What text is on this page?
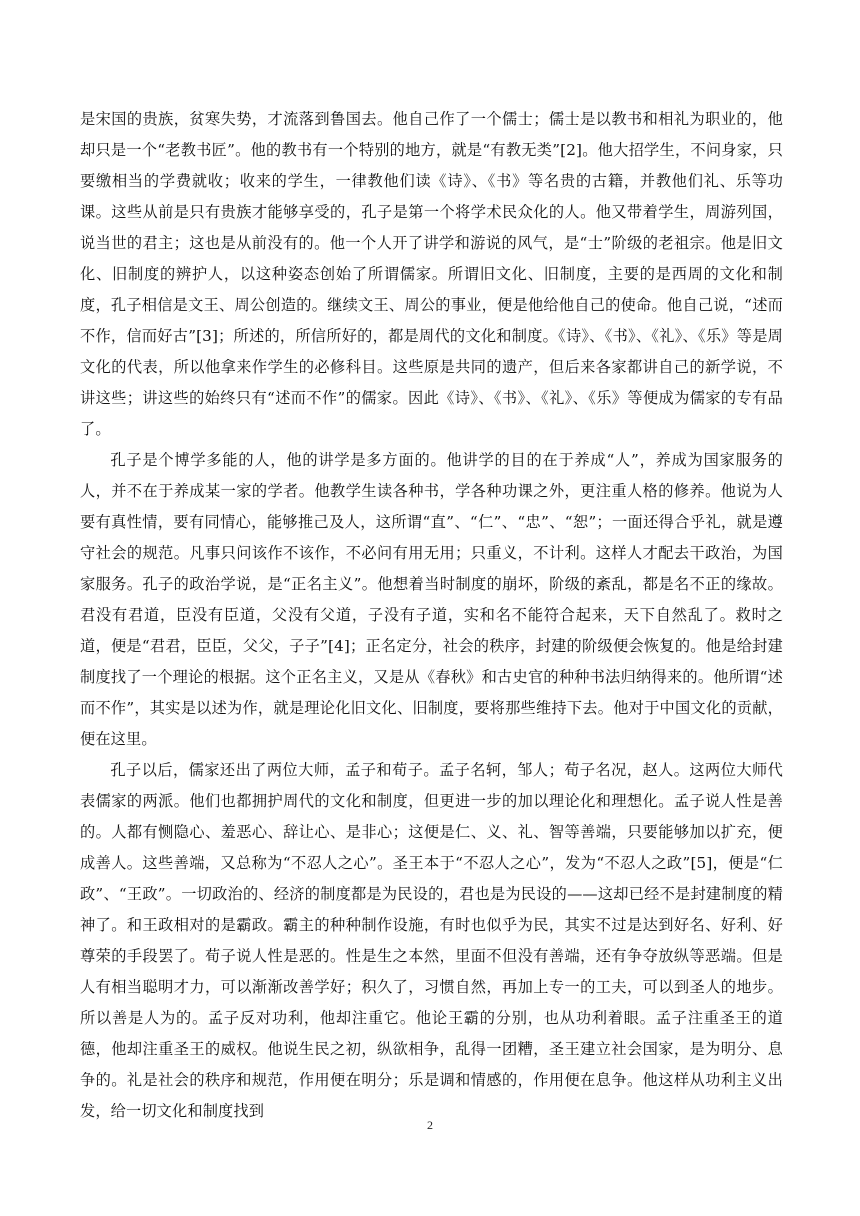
是宋国的贵族，贫寒失势，才流落到鲁国去。他自己作了一个儒士；儒士是以教书和相礼为职业的，他却只是一个“老教书匠”。他的教书有一个特别的地方，就是“有教无类”[2]。他大招学生，不问身家，只要缴相当的学费就收；收来的学生，一律教他们读《诗》、《书》等名贵的古籍，并教他们礼、乐等功课。这些从前是只有贵族才能够享受的，孔子是第一个将学术民众化的人。他又带着学生，周游列国，说当世的君主；这也是从前没有的。他一个人开了讲学和游说的风气，是“士”阶级的老祖宗。他是旧文化、旧制度的辨护人，以这种姿态创始了所谓儒家。所谓旧文化、旧制度，主要的是西周的文化和制度，孔子相信是文王、周公创造的。继续文王、周公的事业，便是他给他自己的使命。他自己说，“述而不作，信而好古”[3]；所述的，所信所好的，都是周代的文化和制度。《诗》、《书》、《礼》、《乐》等是周文化的代表，所以他拿来作学生的必修科目。这些原是共同的遗产，但后来各家都讲自己的新学说，不讲这些；讲这些的始终只有“述而不作”的儒家。因此《诗》、《书》、《礼》、《乐》等便成为儒家的专有品了。

孔子是个博学多能的人，他的讲学是多方面的。他讲学的目的在于养成“人”，养成为国家服务的人，并不在于养成某一家的学者。他教学生读各种书，学各种功课之外，更注重人格的修养。他说为人要有真性情，要有同情心，能够推己及人，这所谓“直”、“仁”、“忠”、“恕”；一面还得合乎礼，就是遵守社会的规范。凡事只问该作不该作，不必问有用无用；只重义，不计利。这样人才配去干政治，为国家服务。孔子的政治学说，是“正名主义”。他想着当时制度的崩坏，阶级的紊乱，都是名不正的缘故。君没有君道，臣没有臣道，父没有父道，子没有子道，实和名不能符合起来，天下自然乱了。救时之道，便是“君君，臣臣，父父，子子”[4]；正名定分，社会的秩序，封建的阶级便会恢复的。他是给封建制度找了一个理论的根据。这个正名主义，又是从《春秋》和古史官的种种书法归纳得来的。他所谓“述而不作”，其实是以述为作，就是理论化旧文化、旧制度，要将那些维持下去。他对于中国文化的贡献，便在这里。

孔子以后，儒家还出了两位大师，孟子和荀子。孟子名轲，邹人；荀子名况，赵人。这两位大师代表儒家的两派。他们也都拥护周代的文化和制度，但更进一步的加以理论化和理想化。孟子说人性是善的。人都有恻隐心、羞恶心、辞让心、是非心；这便是仁、义、礼、智等善端，只要能够加以扩充，便成善人。这些善端，又总称为“不忍人之心”。圣王本于“不忍人之心”，发为“不忍人之政”[5]，便是“仁政”、“王政”。一切政治的、经济的制度都是为民设的，君也是为民设的——这却已经不是封建制度的精神了。和王政相对的是霸政。霸主的种种制作设施，有时也似乎为民，其实不过是达到好名、好利、好尊荣的手段罢了。荀子说人性是恶的。性是生之本然，里面不但没有善端，还有争夺放纵等恶端。但是人有相当聪明才力，可以渐渐改善学好；积久了，习惯自然，再加上专一的工夫，可以到圣人的地步。所以善是人为的。孟子反对功利，他却注重它。他论王霸的分别，也从功利着眼。孟子注重圣王的道德，他却注重圣王的威权。他说生民之初，纵欲相争，乱得一团糟，圣王建立社会国家，是为明分、息争的。礼是社会的秩序和规范，作用便在明分；乐是调和情感的，作用便在息争。他这样从功利主义出发，给一切文化和制度找到

2
